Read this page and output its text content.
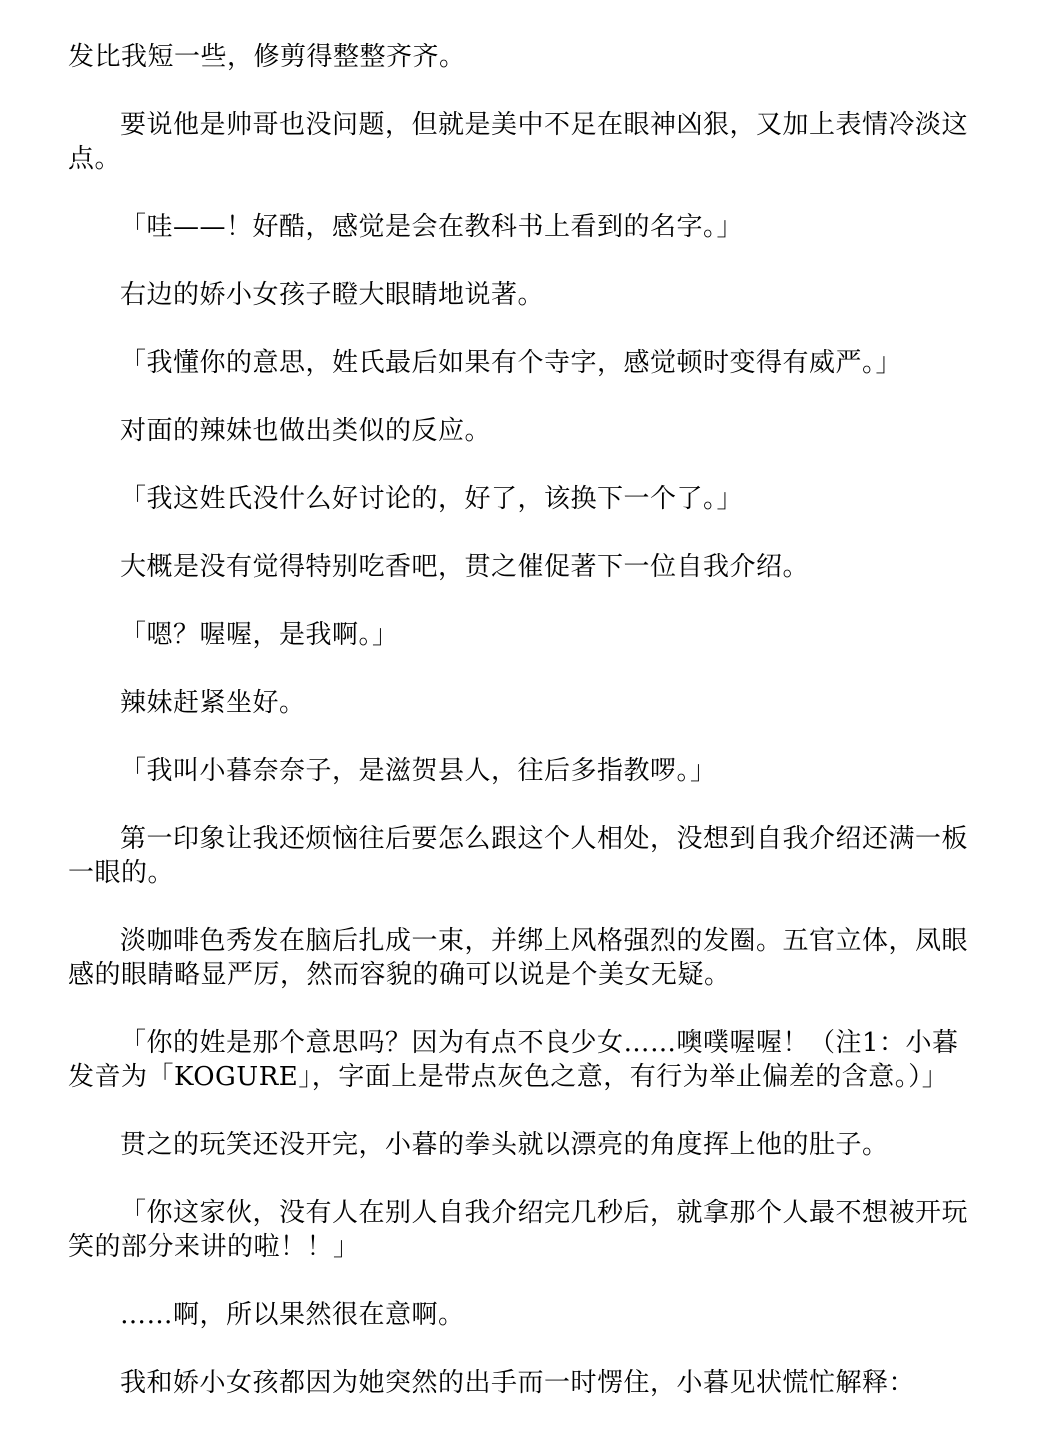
发比我短一些，修剪得整整齐齐。

要说他是帅哥也没问题，但就是美中不足在眼神凶狠，又加上表情冷淡这点。

「哇——！好酷，感觉是会在教科书上看到的名字。」

右边的娇小女孩子瞪大眼睛地说著。

「我懂你的意思，姓氏最后如果有个寺字，感觉顿时变得有威严。」

对面的辣妹也做出类似的反应。

「我这姓氏没什么好讨论的，好了，该换下一个了。」

大概是没有觉得特别吃香吧，贯之催促著下一位自我介绍。

「嗯？喔喔，是我啊。」

辣妹赶紧坐好。

「我叫小暮奈奈子，是滋贺县人，往后多指教啰。」

第一印象让我还烦恼往后要怎么跟这个人相处，没想到自我介绍还满一板一眼的。

淡咖啡色秀发在脑后扎成一束，并绑上风格强烈的发圈。五官立体，凤眼感的眼睛略显严厉，然而容貌的确可以说是个美女无疑。

「你的姓是那个意思吗？因为有点不良少女……噢噗喔喔！（注1：小暮发音为「KOGURE」，字面上是带点灰色之意，有行为举止偏差的含意。）」

贯之的玩笑还没开完，小暮的拳头就以漂亮的角度挥上他的肚子。

「你这家伙，没有人在别人自我介绍完几秒后，就拿那个人最不想被开玩笑的部分来讲的啦！！」

……啊，所以果然很在意啊。

我和娇小女孩都因为她突然的出手而一时愣住，小暮见状慌忙解释：
